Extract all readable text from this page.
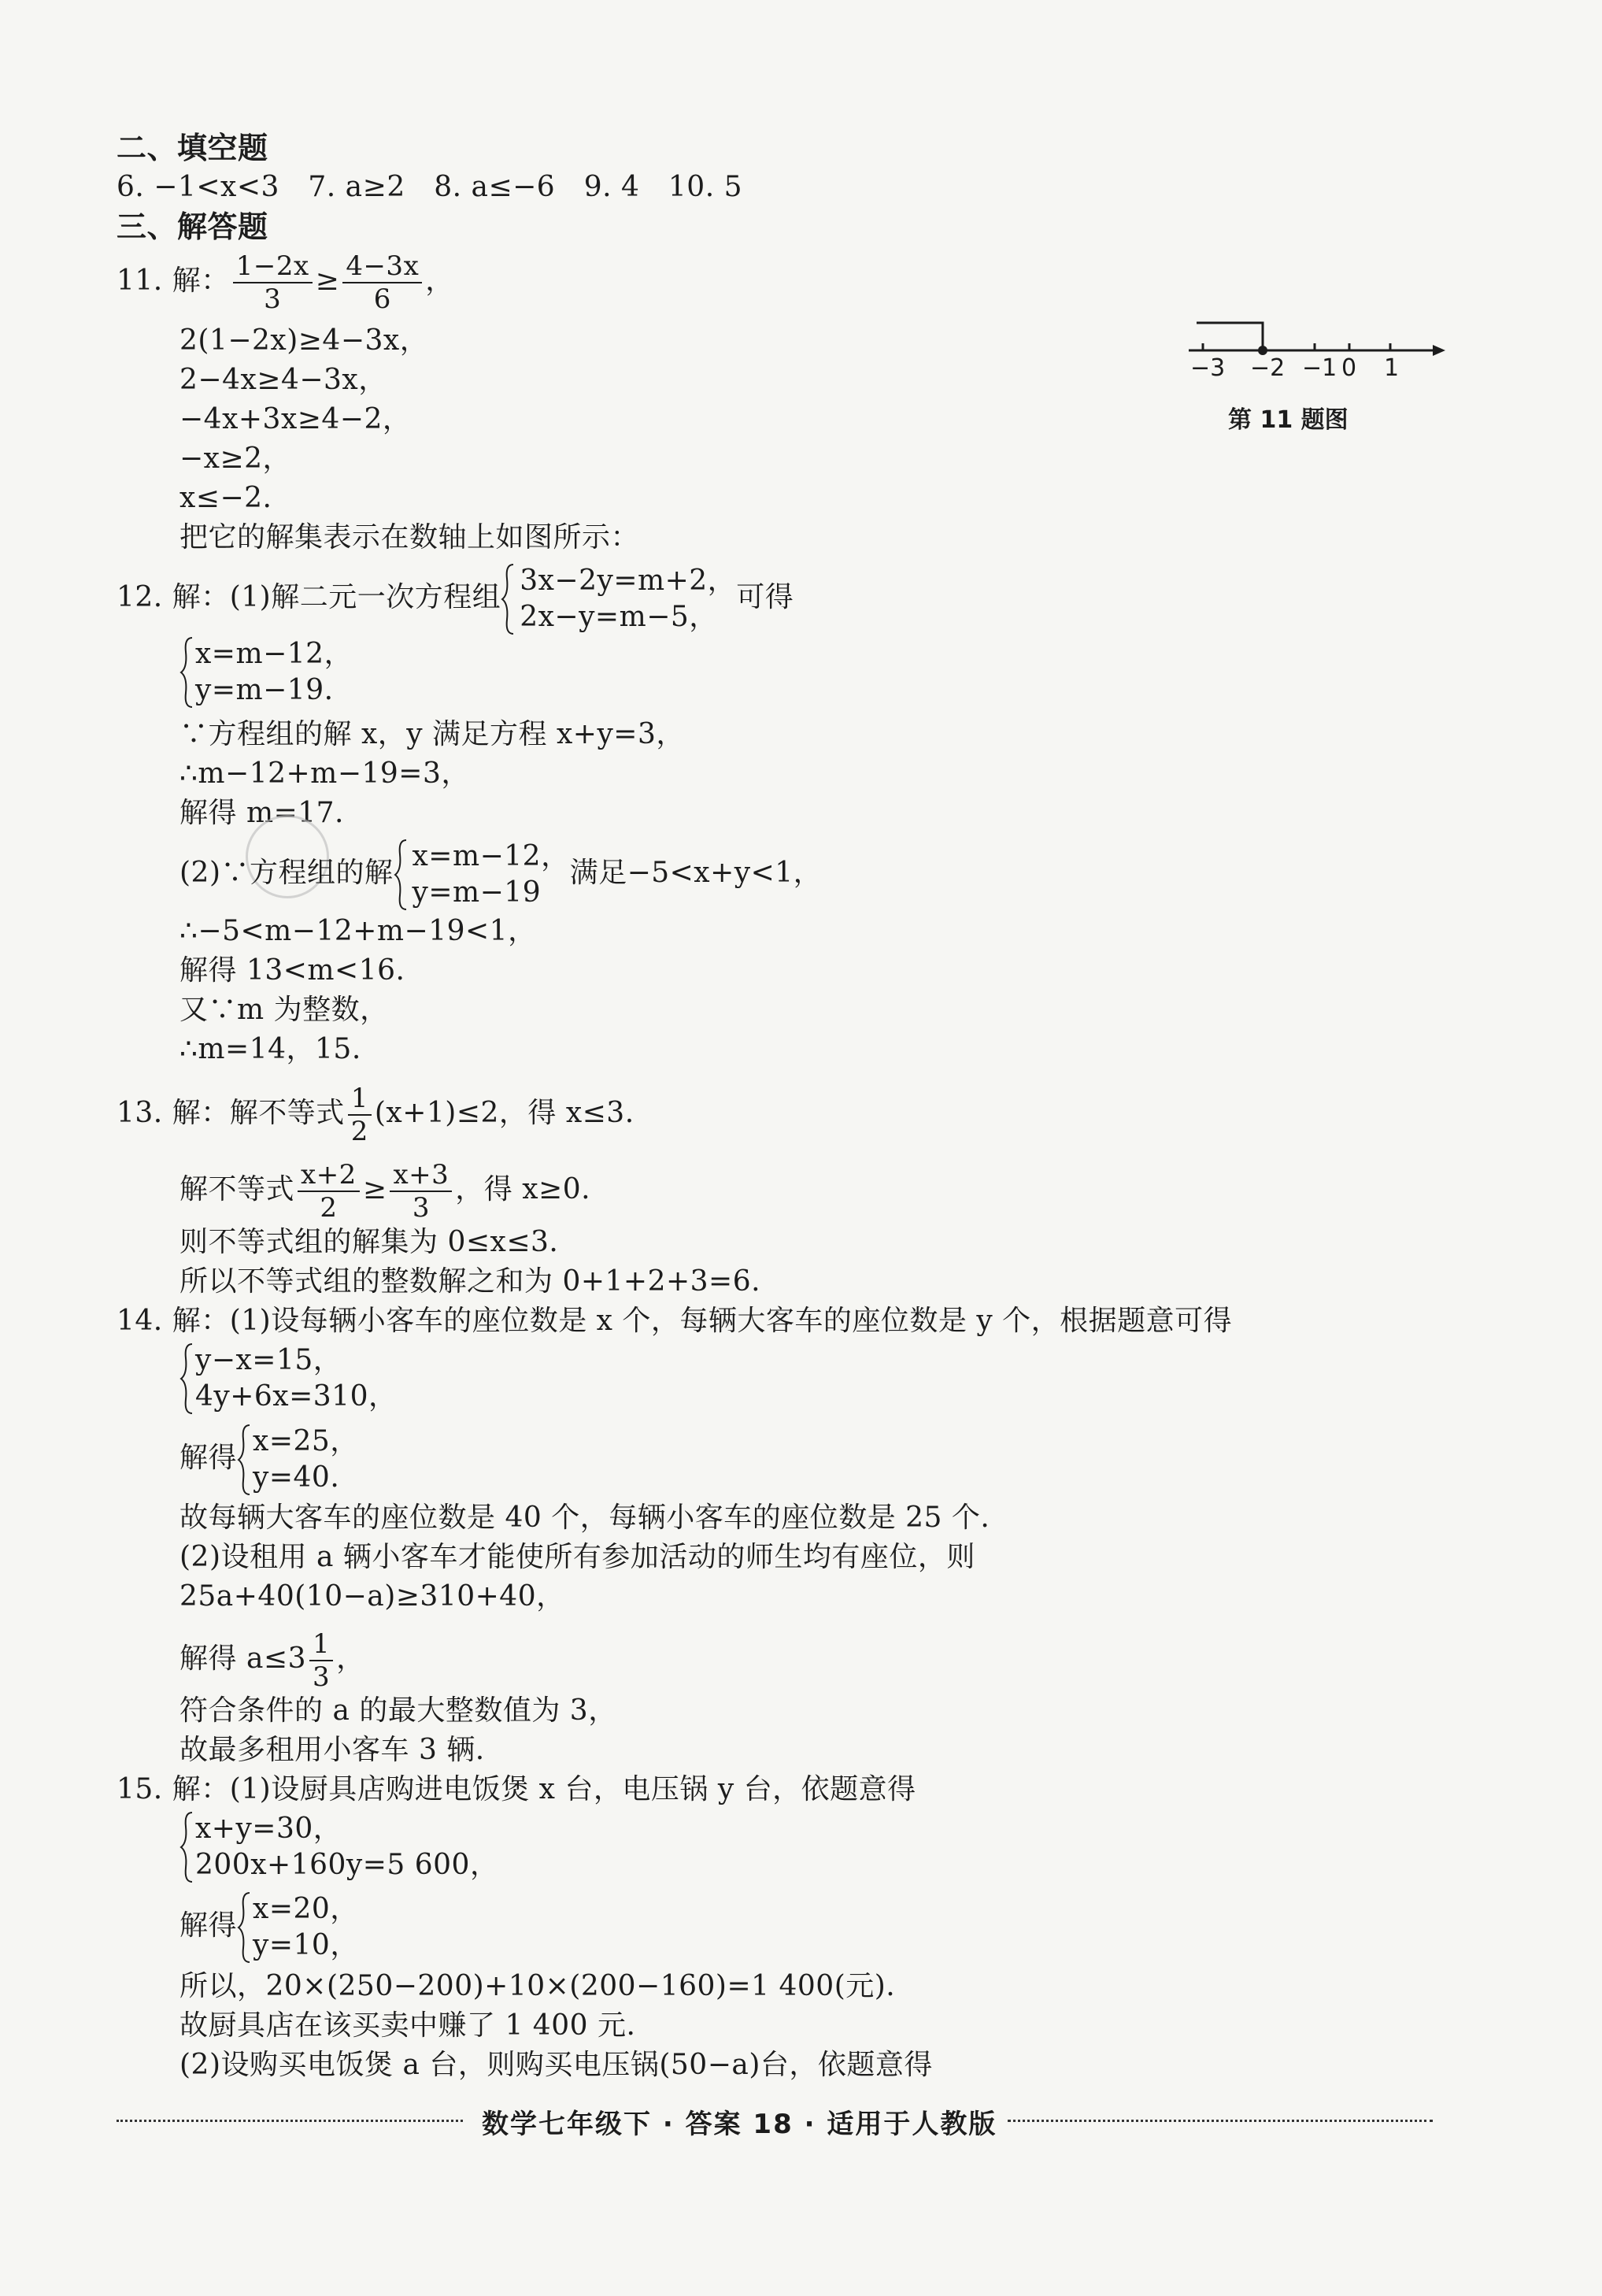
二、填空题
6. −1<x<3　7. a≥2　8. a≤−6　9. 4　10. 5
三、解答题
11. 解： $\frac{1-2x}{3} \ge \frac{4-3x}{6}$ ，
2(1−2x)≥4−3x，
2−4x≥4−3x，
−4x+3x≥4−2，
−x≥2，
x≤−2.
把它的解集表示在数轴上如图所示：
−3 −2 −1 0 1
第 11 题图
12. 解：(1)解二元一次方程组
3x−2y=m+2，
2x−y=m−5，
可得
x=m−12，
y=m−19.
∵方程组的解 x，y 满足方程 x+y=3，
∴m−12+m−19=3，
解得 m=17.
(2)∵方程组的解
x=m−12，
y=m−19
满足−5<x+y<1，
∴−5<m−12+m−19<1，
解得 13<m<16.
又∵m 为整数，
∴m=14，15.
13. 解：解不等式 $\frac{1}{2} (x+1)\le 2$，得 x≤3.
解不等式 $\frac{x+2}{2} \ge \frac{x+3}{3}$ ，得 x≥0.
则不等式组的解集为 0≤x≤3.
所以不等式组的整数解之和为 0+1+2+3=6.
14. 解：(1)设每辆小客车的座位数是 x 个，每辆大客车的座位数是 y 个，根据题意可得
y−x=15，
4y+6x=310，
解得
x=25，
y=40.
故每辆大客车的座位数是 40 个，每辆小客车的座位数是 25 个.
(2)设租用 a 辆小客车才能使所有参加活动的师生均有座位，则
25a+40(10−a)≥310+40，
解得 $a\le 3 \frac{1}{3}$ ，
符合条件的 a 的最大整数值为 3，
故最多租用小客车 3 辆.
15. 解：(1)设厨具店购进电饭煲 x 台，电压锅 y 台，依题意得
x+y=30，
200x+160y=5 600，
解得
x=20，
y=10，
所以，20×(250−200)+10×(200−160)=1 400(元).
故厨具店在该买卖中赚了 1 400 元.
(2)设购买电饭煲 a 台，则购买电压锅(50−a)台，依题意得
数学七年级下 · 答案 18 · 适用于人教版
